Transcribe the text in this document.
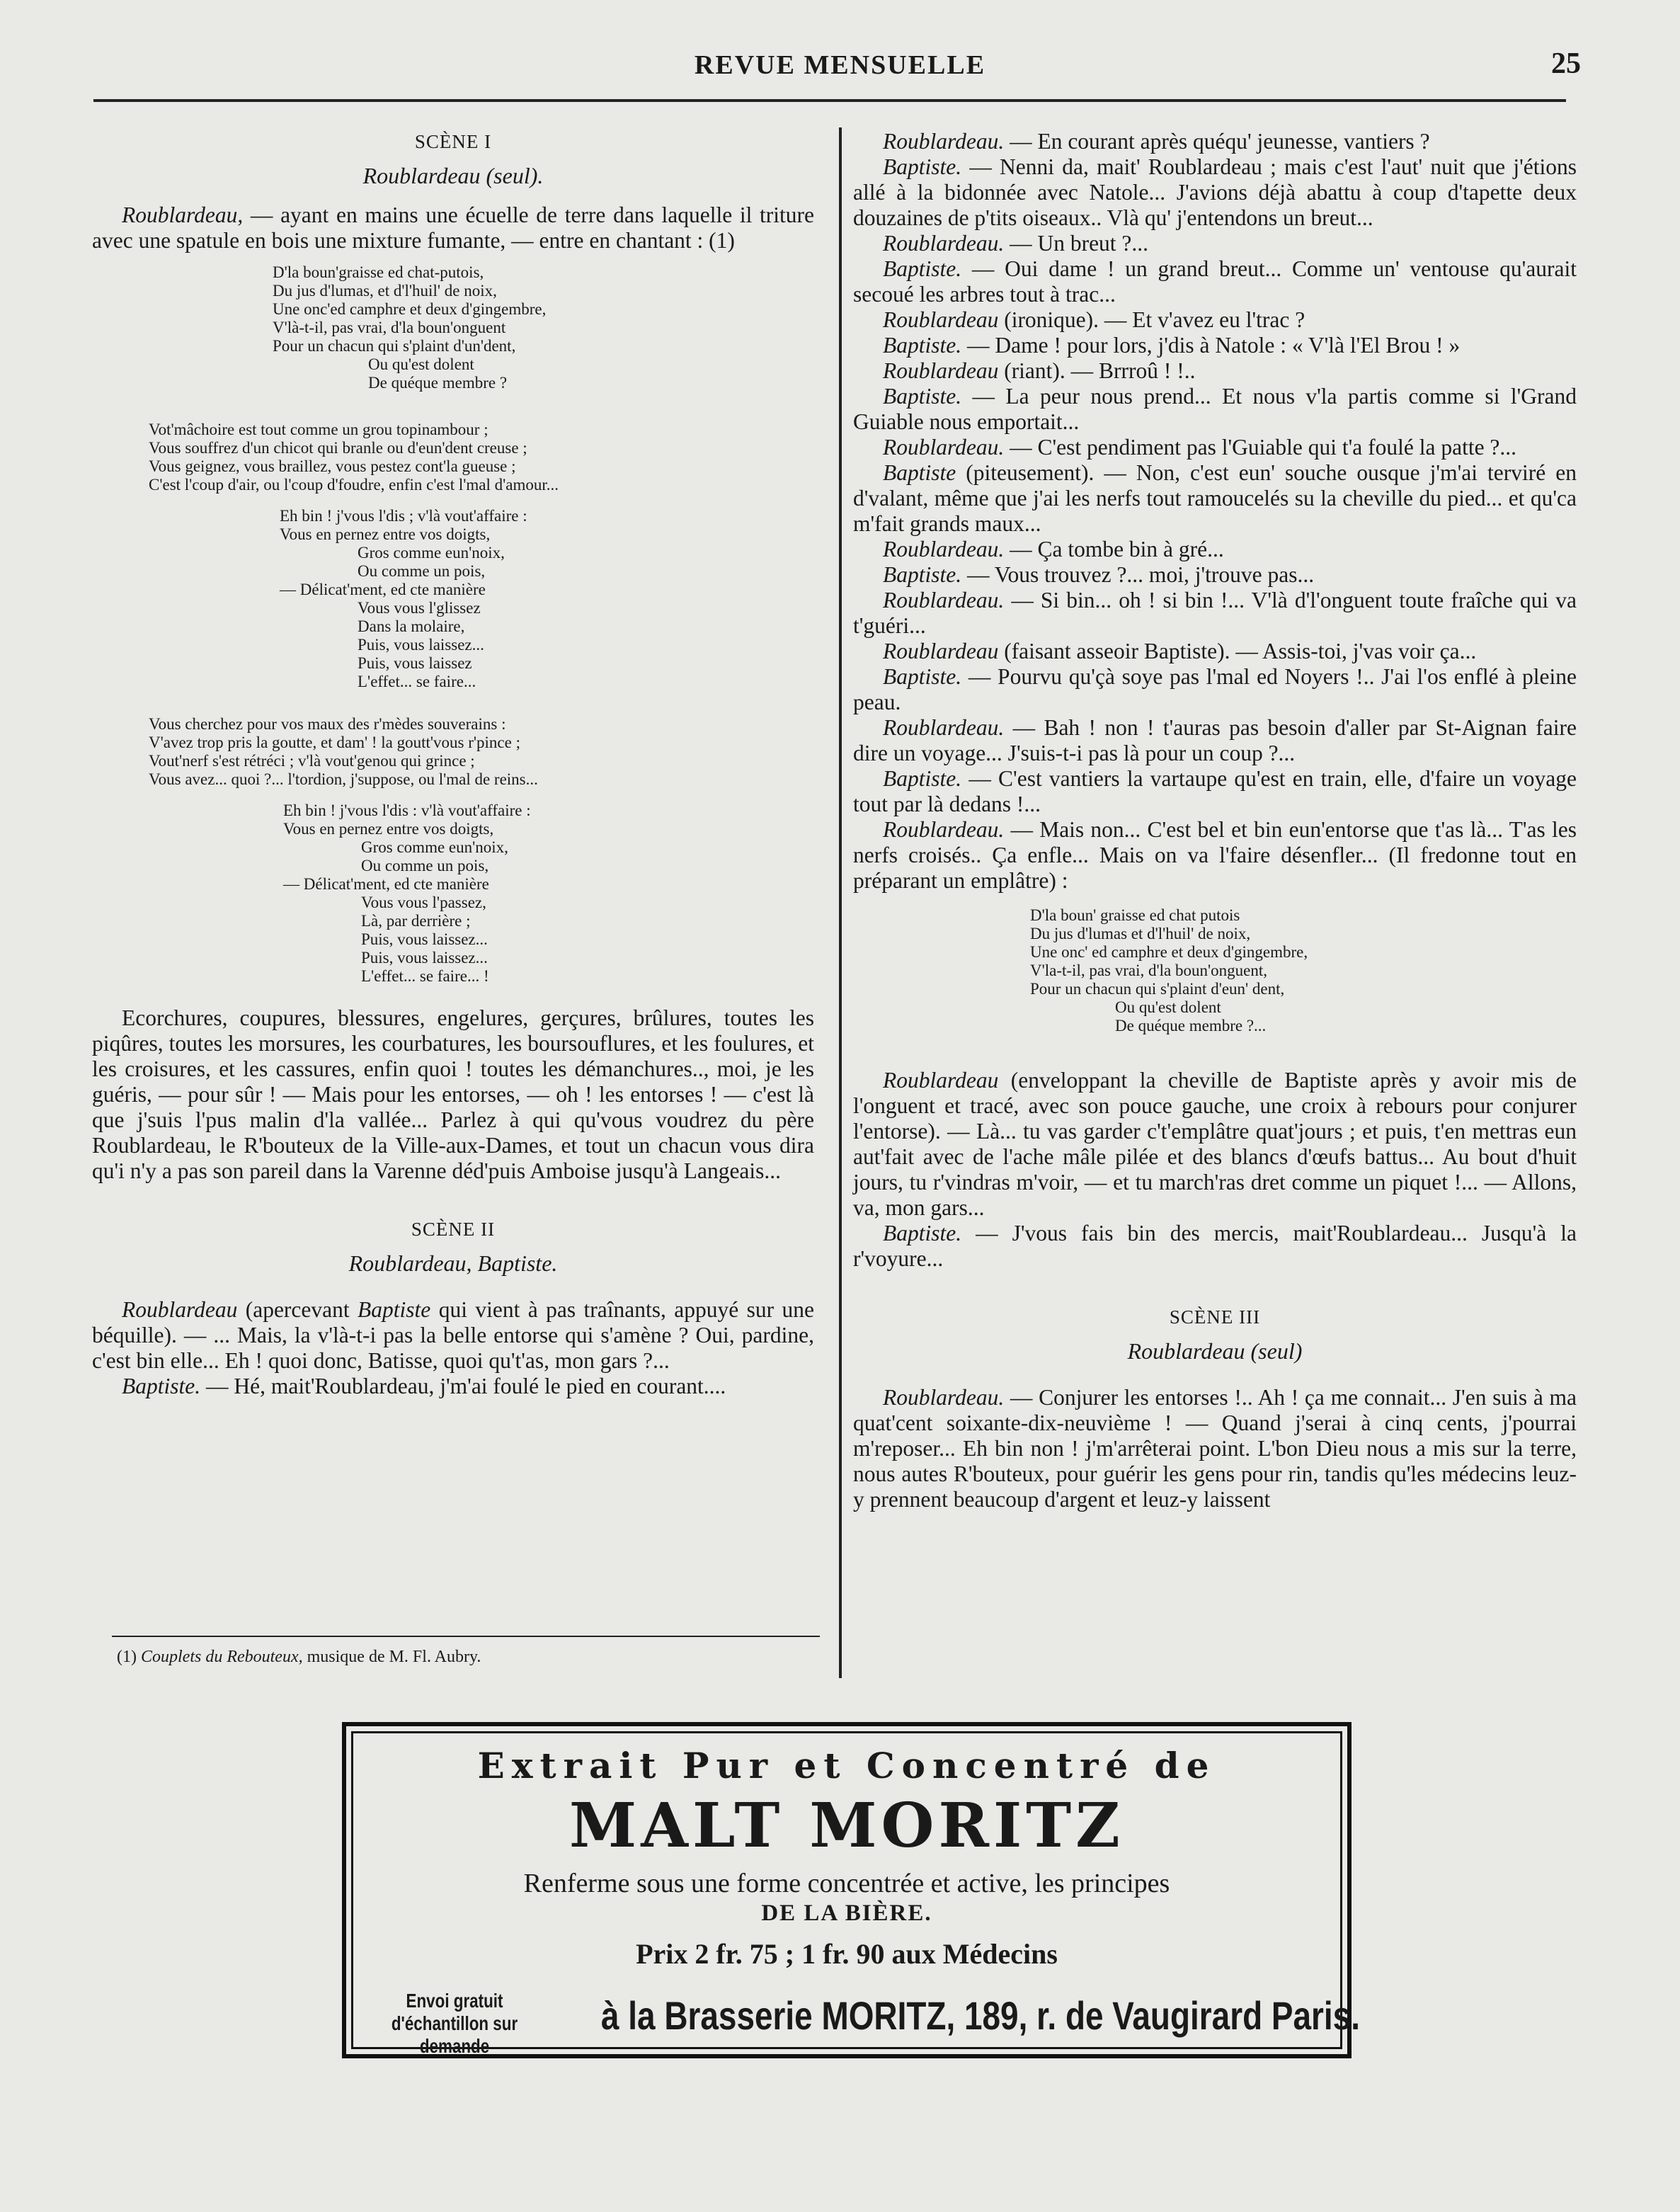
REVUE MENSUELLE	25

SCÈNE I

Roublardeau (seul).

Roublardeau, — ayant en mains une écuelle de terre dans laquelle il triture avec une spatule en bois une mixture fumante, — entre en chantant : (1)

D'la boun'graisse ed chat-putois,
Du jus d'lumas, et d'l'huil' de noix,
Une onc'ed camphre et deux d'gingembre,
V'là-t-il, pas vrai, d'la boun'onguent
Pour un chacun qui s'plaint d'un'dent,
Ou qu'est dolent
De quéque membre ?
Vot'mâchoire est tout comme un grou topinambour ;
Vous souffrez d'un chicot qui branle ou d'eun'dent creuse ;
Vous geignez, vous braillez, vous pestez cont'la gueuse ;
C'est l'coup d'air, ou l'coup d'foudre, enfin c'est l'mal d'amour...
Eh bin ! j'vous l'dis ; v'là vout'affaire :
Vous en pernez entre vos doigts,
Gros comme eun'noix,
Ou comme un pois,
— Délicat'ment, ed cte manière
Vous vous l'glissez
Dans la molaire,
Puis, vous laissez...
Puis, vous laissez
L'effet... se faire...
Vous cherchez pour vos maux des r'mèdes souverains :
V'avez trop pris la goutte, et dam' ! la goutt'vous r'pince ;
Vout'nerf s'est rétréci ; v'là vout'genou qui grince ;
Vous avez... quoi ?... l'tordion, j'suppose, ou l'mal de reins...
Eh bin ! j'vous l'dis : v'là vout'affaire :
Vous en pernez entre vos doigts,
Gros comme eun'noix,
Ou comme un pois,
— Délicat'ment, ed cte manière
Vous vous l'passez,
Là, par derrière ;
Puis, vous laissez...
Puis, vous laissez...
L'effet... se faire... !

Ecorchures, coupures, blessures, engelures, gerçures, brûlures, toutes les piqûres, toutes les morsures, les courbatures, les boursouflures, et les foulures, et les croisures, et les cassures, enfin quoi ! toutes les démanchures.., moi, je les guéris, — pour sûr ! — Mais pour les entorses, — oh ! les entorses ! — c'est là que j'suis l'pus malin d'la vallée... Parlez à qui qu'vous voudrez du père Roublardeau, le R'bouteux de la Ville-aux-Dames, et tout un chacun vous dira qu'i n'y a pas son pareil dans la Varenne déd'puis Amboise jusqu'à Langeais...

SCÈNE II

Roublardeau, Baptiste.

Roublardeau (apercevant Baptiste qui vient à pas traînants, appuyé sur une béquille). — ... Mais, la v'là-t-i pas la belle entorse qui s'amène ? Oui, pardine, c'est bin elle... Eh ! quoi donc, Batisse, quoi qu't'as, mon gars ?...

Baptiste. — Hé, mait'Roublardeau, j'm'ai foulé le pied en courant....

(1) Couplets du Rebouteux, musique de M. Fl. Aubry.

Roublardeau. — En courant après quéqu' jeunesse, vantiers ?

Baptiste. — Nenni da, mait' Roublardeau ; mais c'est l'aut' nuit que j'étions allé à la bidonnée avec Natole... J'avions déjà abattu à coup d'tapette deux douzaines de p'tits oiseaux.. Vlà qu' j'entendons un breut...

Roublardeau. — Un breut ?...

Baptiste. — Oui dame ! un grand breut... Comme un' ventouse qu'aurait secoué les arbres tout à trac...

Roublardeau (ironique). — Et v'avez eu l'trac ?

Baptiste. — Dame ! pour lors, j'dis à Natole : « V'là l'El Brou ! »

Roublardeau (riant). — Brrroû ! !..

Baptiste. — La peur nous prend... Et nous v'la partis comme si l'Grand Guiable nous emportait...

Roublardeau. — C'est pendiment pas l'Guiable qui t'a foulé la patte ?...

Baptiste (piteusement). — Non, c'est eun' souche ousque j'm'ai terviré en d'valant, même que j'ai les nerfs tout ramoucelés su la cheville du pied... et qu'ca m'fait grands maux...

Roublardeau. — Ça tombe bin à gré...

Baptiste. — Vous trouvez ?... moi, j'trouve pas...

Roublardeau. — Si bin... oh ! si bin !... V'là d'l'onguent toute fraîche qui va t'guéri...

Roublardeau (faisant asseoir Baptiste). — Assis-toi, j'vas voir ça...

Baptiste. — Pourvu qu'çà soye pas l'mal ed Noyers !.. J'ai l'os enflé à pleine peau.

Roublardeau. — Bah ! non ! t'auras pas besoin d'aller par St-Aignan faire dire un voyage... J'suis-t-i pas là pour un coup ?...

Baptiste. — C'est vantiers la vartaupe qu'est en train, elle, d'faire un voyage tout par là dedans !...

Roublardeau. — Mais non... C'est bel et bin eun'entorse que t'as là... T'as les nerfs croisés.. Ça enfle... Mais on va l'faire désenfler... (Il fredonne tout en préparant un emplâtre) :

D'la boun' graisse ed chat putois
Du jus d'lumas et d'l'huil' de noix,
Une onc' ed camphre et deux d'gingembre,
V'la-t-il, pas vrai, d'la boun'onguent,
Pour un chacun qui s'plaint d'eun' dent,
Ou qu'est dolent
De quéque membre ?...

Roublardeau (enveloppant la cheville de Baptiste après y avoir mis de l'onguent et tracé, avec son pouce gauche, une croix à rebours pour conjurer l'entorse). — Là... tu vas garder c't'emplâtre quat'jours ; et puis, t'en mettras eun aut'fait avec de l'ache mâle pilée et des blancs d'œufs battus... Au bout d'huit jours, tu r'vindras m'voir, — et tu march'ras dret comme un piquet !... — Allons, va, mon gars...

Baptiste. — J'vous fais bin des mercis, mait'Roublardeau... Jusqu'à la r'voyure...

SCÈNE III

Roublardeau (seul)

Roublardeau. — Conjurer les entorses !.. Ah ! ça me connait... J'en suis à ma quat'cent soixante-dix-neuvième ! — Quand j'serai à cinq cents, j'pourrai m'reposer... Eh bin non ! j'm'arrêterai point. L'bon Dieu nous a mis sur la terre, nous autes R'bouteux, pour guérir les gens pour rin, tandis qu'les médecins leuz-y prennent beaucoup d'argent et leuz-y laissent

Extrait Pur et Concentré de
MALT MORITZ
Renferme sous une forme concentrée et active, les principes
DE LA BIÈRE.
Prix 2 fr. 75 ; 1 fr. 90 aux Médecins
Envoi gratuit d'échantillon sur demande
à la Brasserie MORITZ, 189, r. de Vaugirard Paris.
